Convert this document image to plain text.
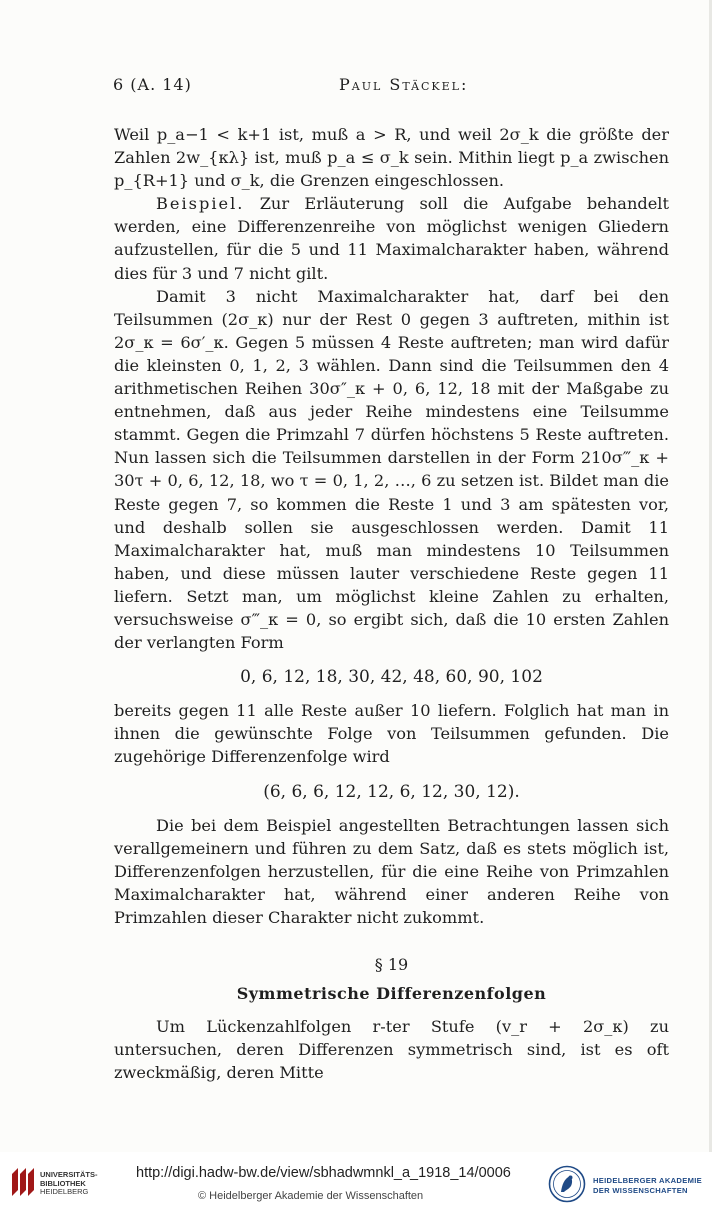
6 (A. 14)	Paul Stäckel:

Weil p_a−1 < k+1 ist, muß a > R, und weil 2σ_k die größte der Zahlen 2w_{κλ} ist, muß p_a ≤ σ_k sein. Mithin liegt p_a zwischen p_{R+1} und σ_k, die Grenzen eingeschlossen.

Beispiel. Zur Erläuterung soll die Aufgabe behandelt werden, eine Differenzenreihe von möglichst wenigen Gliedern aufzustellen, für die 5 und 11 Maximalcharakter haben, während dies für 3 und 7 nicht gilt.

Damit 3 nicht Maximalcharakter hat, darf bei den Teilsummen (2σ_κ) nur der Rest 0 gegen 3 auftreten, mithin ist 2σ_κ = 6σ′_κ. Gegen 5 müssen 4 Reste auftreten; man wird dafür die kleinsten 0, 1, 2, 3 wählen. Dann sind die Teilsummen den 4 arithmetischen Reihen 30σ″_κ + 0, 6, 12, 18 mit der Maßgabe zu entnehmen, daß aus jeder Reihe mindestens eine Teilsumme stammt. Gegen die Primzahl 7 dürfen höchstens 5 Reste auftreten. Nun lassen sich die Teilsummen darstellen in der Form 210σ‴_κ + 30τ + 0, 6, 12, 18, wo τ = 0, 1, 2, …, 6 zu setzen ist. Bildet man die Reste gegen 7, so kommen die Reste 1 und 3 am spätesten vor, und deshalb sollen sie ausgeschlossen werden. Damit 11 Maximalcharakter hat, muß man mindestens 10 Teilsummen haben, und diese müssen lauter verschiedene Reste gegen 11 liefern. Setzt man, um möglichst kleine Zahlen zu erhalten, versuchsweise σ‴_κ = 0, so ergibt sich, daß die 10 ersten Zahlen der verlangten Form

0, 6, 12, 18, 30, 42, 48, 60, 90, 102

bereits gegen 11 alle Reste außer 10 liefern. Folglich hat man in ihnen die gewünschte Folge von Teilsummen gefunden. Die zugehörige Differenzenfolge wird

(6, 6, 6, 12, 12, 6, 12, 30, 12).

Die bei dem Beispiel angestellten Betrachtungen lassen sich verallgemeinern und führen zu dem Satz, daß es stets möglich ist, Differenzenfolgen herzustellen, für die eine Reihe von Primzahlen Maximalcharakter hat, während einer anderen Reihe von Primzahlen dieser Charakter nicht zukommt.

§ 19
Symmetrische Differenzenfolgen

Um Lückenzahlfolgen r-ter Stufe (v_r + 2σ_κ) zu untersuchen, deren Differenzen symmetrisch sind, ist es oft zweckmäßig, deren Mitte

UNIVERSITÄTS-
BIBLIOTHEK
HEIDELBERG
http://digi.hadw-bw.de/view/sbhadwmnkl_a_1918_14/0006
© Heidelberger Akademie der Wissenschaften
HEIDELBERGER AKADEMIE
DER WISSENSCHAFTEN
